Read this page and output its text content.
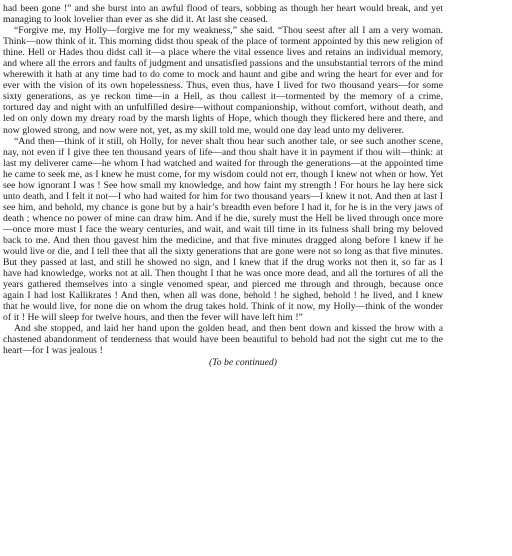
had been gone !” and she burst into an awful flood of tears, sobbing as though her heart would break, and yet managing to look lovelier than ever as she did it. At last she ceased.

“Forgive me, my Holly—forgive me for my weakness,” she said. “Thou seest after all I am a very woman. Think—now think of it. This morning didst thou speak of the place of torment appointed by this new religion of thine. Hell or Hades thou didst call it—a place where the vital essence lives and retains an individual memory, and where all the errors and faults of judgment and unsatisfied passions and the unsubstantial terrors of the mind wherewith it hath at any time had to do come to mock and haunt and gibe and wring the heart for ever and for ever with the vision of its own hopelessness. Thus, even thus, have I lived for two thousand years—for some sixty generations, as ye reckon time—in a Hell, as thou callest it—tormented by the memory of a crime, tortured day and night with an unfulfilled desire—without companionship, without comfort, without death, and led on only down my dreary road by the marsh lights of Hope, which though they flickered here and there, and now glowed strong, and now were not, yet, as my skill told me, would one day lead unto my deliverer.

“And then—think of it still, oh Holly, for never shalt thou hear such another tale, or see such another scene, nay, not even if I give thee ten thousand years of life—and thou shalt have it in payment if thou wilt—think: at last my deliverer came—he whom I had watched and waited for through the generations—at the appointed time he came to seek me, as I knew he must come, for my wisdom could not err, though I knew not when or how. Yet see how ignorant I was ! See how small my knowledge, and how faint my strength ! For hours he lay here sick unto death, and I felt it not—I who had waited for him for two thousand years—I knew it not. And then at last I see him, and behold, my chance is gone but by a hair’s breadth even before I had it, for he is in the very jaws of death ; whence no power of mine can draw him. And if he die, surely must the Hell be lived through once more—once more must I face the weary centuries, and wait, and wait till time in its fulness shall bring my beloved back to me. And then thou gavest him the medicine, and that five minutes dragged along before I knew if he would live or die, and I tell thee that all the sixty generations that are gone were not so long as that five minutes. But they passed at last, and still he showed no sign, and I knew that if the drug works not then it, so far as I have had knowledge, works not at all. Then thought I that he was once more dead, and all the tortures of all the years gathered themselves into a single venomed spear, and pierced me through and through, because once again I had lost Kallikrates ! And then, when all was done, behold ! he sighed, behold ! he lived, and I knew that he would live, for none die on whom the drug takes hold. Think of it now, my Holly—think of the wonder of it ! He will sleep for twelve hours, and then the fever will have left him !”

And she stopped, and laid her hand upon the golden head, and then bent down and kissed the brow with a chastened abandonment of tenderness that would have been beautiful to behold had not the sight cut me to the heart—for I was jealous !

(To be continued)
